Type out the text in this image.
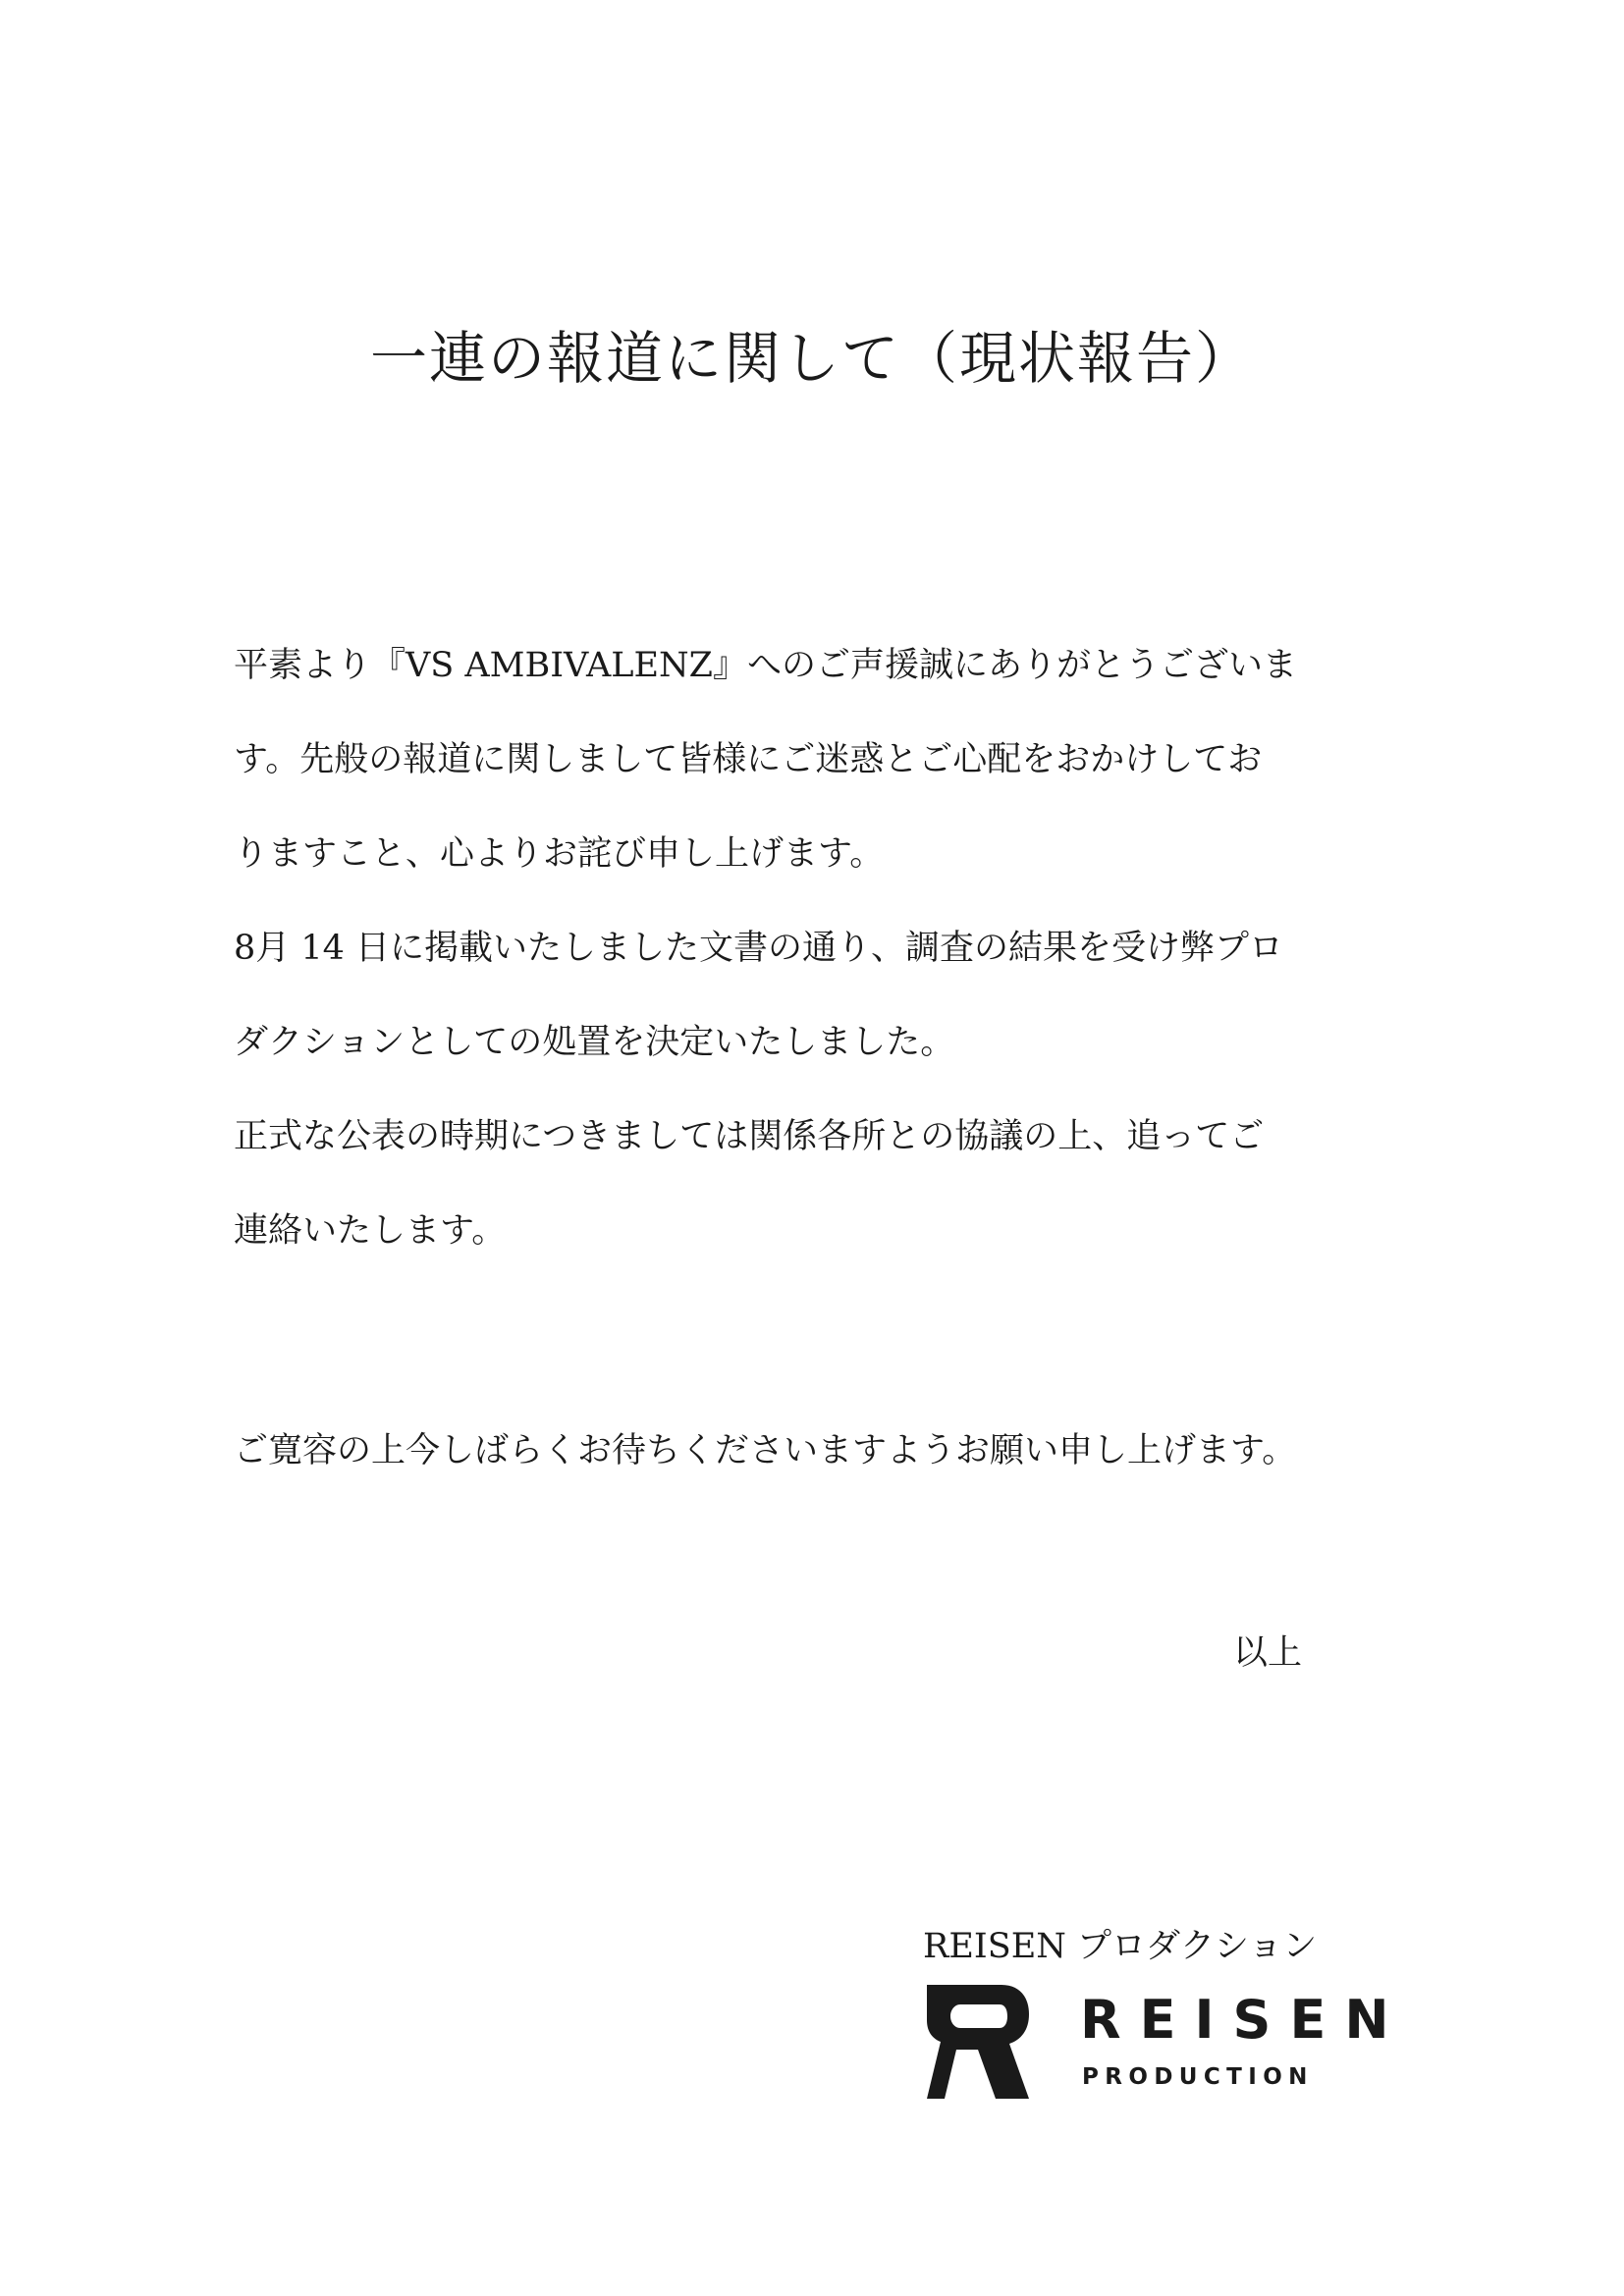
一連の報道に関して（現状報告）

平素より『VS AMBIVALENZ』へのご声援誠にありがとうございま

す。先般の報道に関しまして皆様にご迷惑とご心配をおかけしてお

りますこと、心よりお詫び申し上げます。

8月 14 日に掲載いたしました文書の通り、調査の結果を受け弊プロ

ダクションとしての処置を決定いたしました。

正式な公表の時期につきましては関係各所との協議の上、追ってご

連絡いたします。

ご寛容の上今しばらくお待ちくださいますようお願い申し上げます。

以上

REISEN プロダクション

REISEN
PRODUCTION
